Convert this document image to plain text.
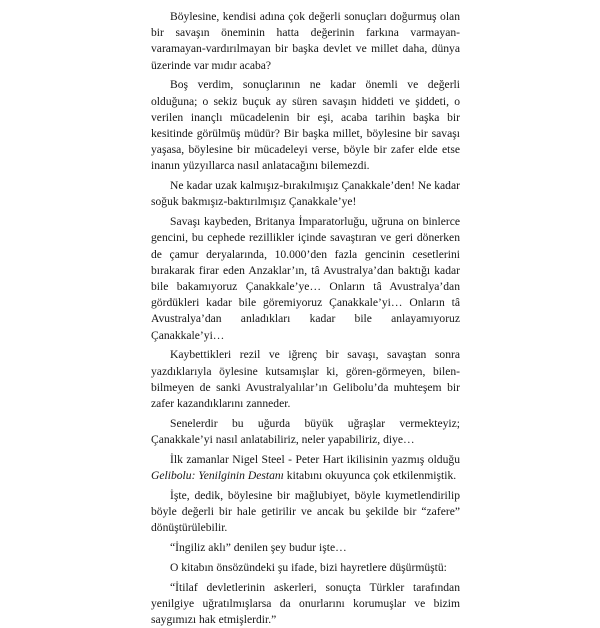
Böylesine, kendisi adına çok değerli sonuçları doğurmuş olan bir savaşın öneminin hatta değerinin farkına varmayan-varamayan-vardırılmayan bir başka devlet ve millet daha, dünya üzerinde var mıdır acaba?

Boş verdim, sonuçlarının ne kadar önemli ve değerli olduğuna; o sekiz buçuk ay süren savaşın hiddeti ve şiddeti, o verilen inançlı mücadelenin bir eşi, acaba tarihin başka bir kesitinde görülmüş müdür? Bir başka millet, böylesine bir savaşı yaşasa, böylesine bir mücadeleyi verse, böyle bir zafer elde etse inanın yüzyıllarca nasıl anlatacağını bilemezdi.

Ne kadar uzak kalmışız-bırakılmışız Çanakkale’den! Ne kadar soğuk bakmışız-baktırılmışız Çanakkale’ye!

Savaşı kaybeden, Britanya İmparatorluğu, uğruna on binlerce gencini, bu cephede rezillikler içinde savaştıran ve geri dönerken de çamur deryalarında, 10.000’den fazla gencinin cesetlerini bırakarak firar eden Anzaklar’ın, tâ Avustralya’dan baktığı kadar bile bakamıyoruz Çanakkale’ye… Onların tâ Avustralya’dan gördükleri kadar bile göremiyoruz Çanakkale’yi… Onların tâ Avustralya’dan anladıkları kadar bile anlayamıyoruz Çanakkale’yi…

Kaybettikleri rezil ve iğrenç bir savaşı, savaştan sonra yazdıklarıyla öylesine kutsamışlar ki, gören-görmeyen, bilen-bilmeyen de sanki Avustralyalılar’ın Gelibolu’da muhteşem bir zafer kazandıklarını zanneder.

Senelerdir bu uğurda büyük uğraşlar vermekteyiz; Çanakkale’yi nasıl anlatabiliriz, neler yapabiliriz, diye…

İlk zamanlar Nigel Steel - Peter Hart ikilisinin yazmış olduğu Gelibolu: Yenilginin Destanı kitabını okuyunca çok etkilenmiştik.

İşte, dedik, böylesine bir mağlubiyet, böyle kıymetlendirilip böyle değerli bir hale getirilir ve ancak bu şekilde bir “zafere” dönüştürülebilir.

“İngiliz aklı” denilen şey budur işte…

O kitabın önsözündeki şu ifade, bizi hayretlere düşürmüştü:

“İtilaf devletlerinin askerleri, sonuçta Türkler tarafından yenilgiye uğratılmışlarsa da onurlarını korumuşlar ve bizim saygımızı hak etmişlerdir.”
